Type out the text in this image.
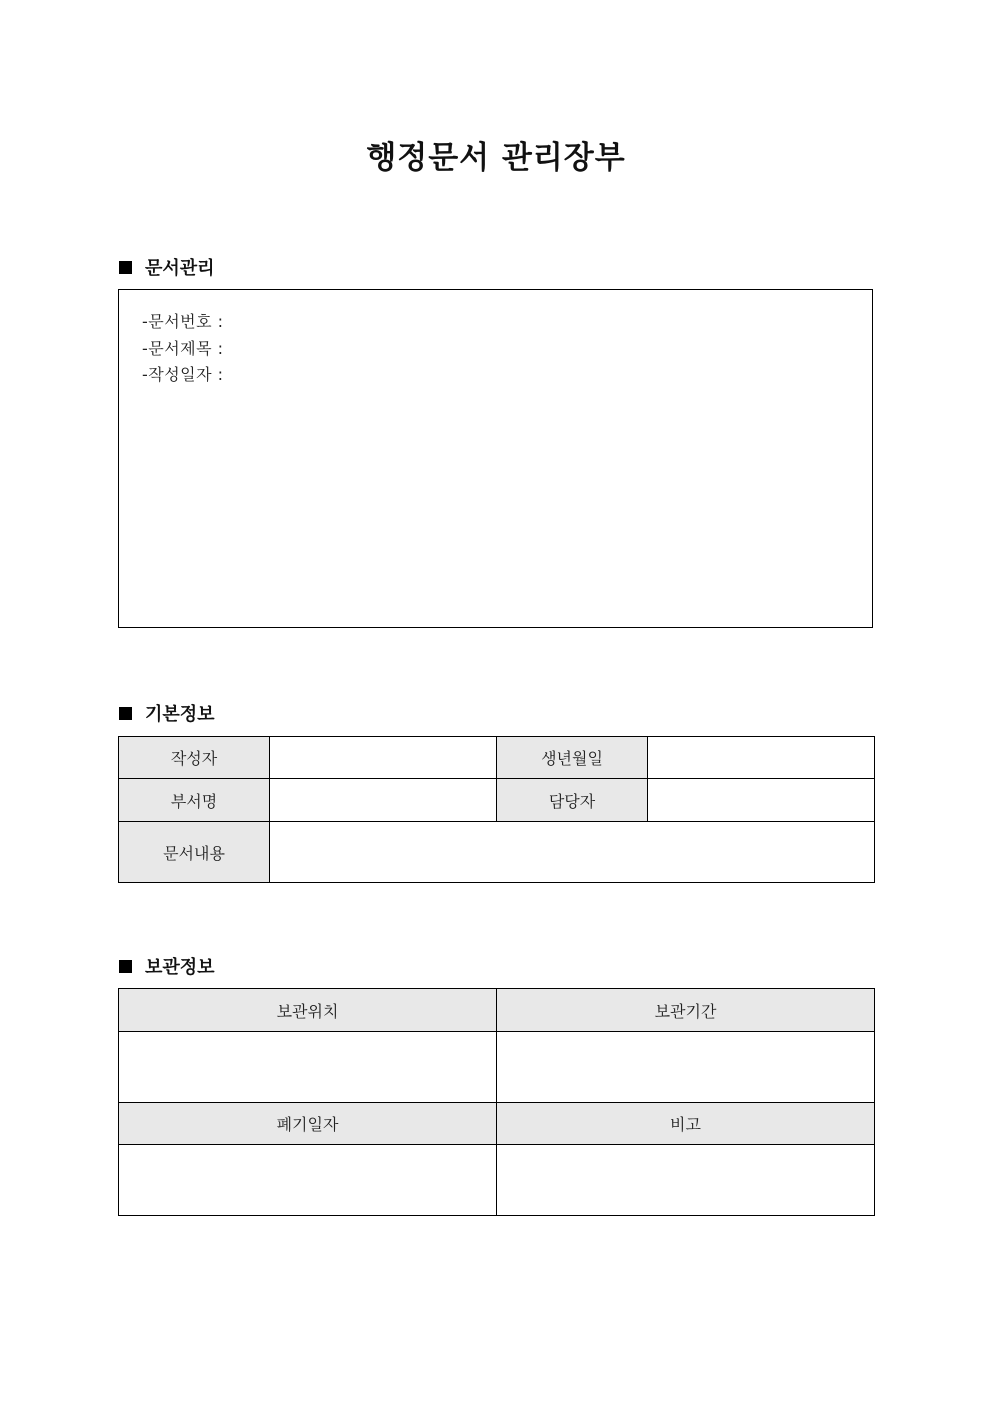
행정문서 관리장부
문서관리
-문서번호 :
-문서제목 :
-작성일자 :
기본정보
작성자		생년월일	
부서명		담당자	
문서내용			
보관정보
보관위치	보관기간

폐기일자	비고
